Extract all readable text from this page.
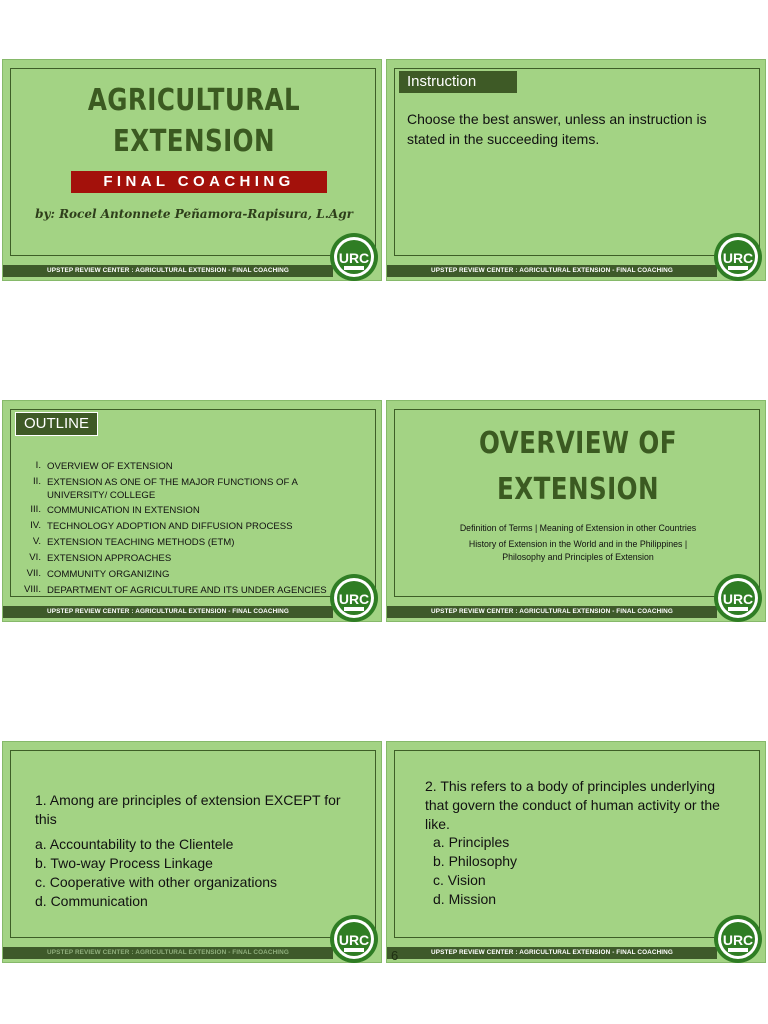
AGRICULTURAL
EXTENSION
FINAL COACHING
by: Rocel Antonnete Peñamora-Rapisura, L.Agr
UPSTEP REVIEW CENTER : AGRICULTURAL EXTENSION - FINAL COACHING
URC
Instruction
Choose the best answer, unless an instruction is stated in the succeeding items.
UPSTEP REVIEW CENTER : AGRICULTURAL EXTENSION - FINAL COACHING
URC
OUTLINE
I. OVERVIEW OF EXTENSION
II. EXTENSION AS ONE OF THE MAJOR FUNCTIONS OF A UNIVERSITY/ COLLEGE
III. COMMUNICATION IN EXTENSION
IV. TECHNOLOGY ADOPTION AND DIFFUSION PROCESS
V. EXTENSION TEACHING METHODS (ETM)
VI. EXTENSION APPROACHES
VII. COMMUNITY ORGANIZING
VIII. DEPARTMENT OF AGRICULTURE AND ITS UNDER AGENCIES
UPSTEP REVIEW CENTER : AGRICULTURAL EXTENSION - FINAL COACHING
URC
OVERVIEW OF
EXTENSION
Definition of Terms | Meaning of Extension in other Countries
History of Extension in the World and in the Philippines |
Philosophy and Principles of Extension
UPSTEP REVIEW CENTER : AGRICULTURAL EXTENSION - FINAL COACHING
URC
1. Among are principles of extension EXCEPT for this
a. Accountability to the Clientele
b. Two-way Process Linkage
c. Cooperative with other organizations
d. Communication
UPSTEP REVIEW CENTER : AGRICULTURAL EXTENSION - FINAL COACHING
URC
2. This refers to a body of principles underlying that govern the conduct of human activity or the like.
a. Principles
b. Philosophy
c. Vision
d. Mission
UPSTEP REVIEW CENTER : AGRICULTURAL EXTENSION - FINAL COACHING
6
URC
